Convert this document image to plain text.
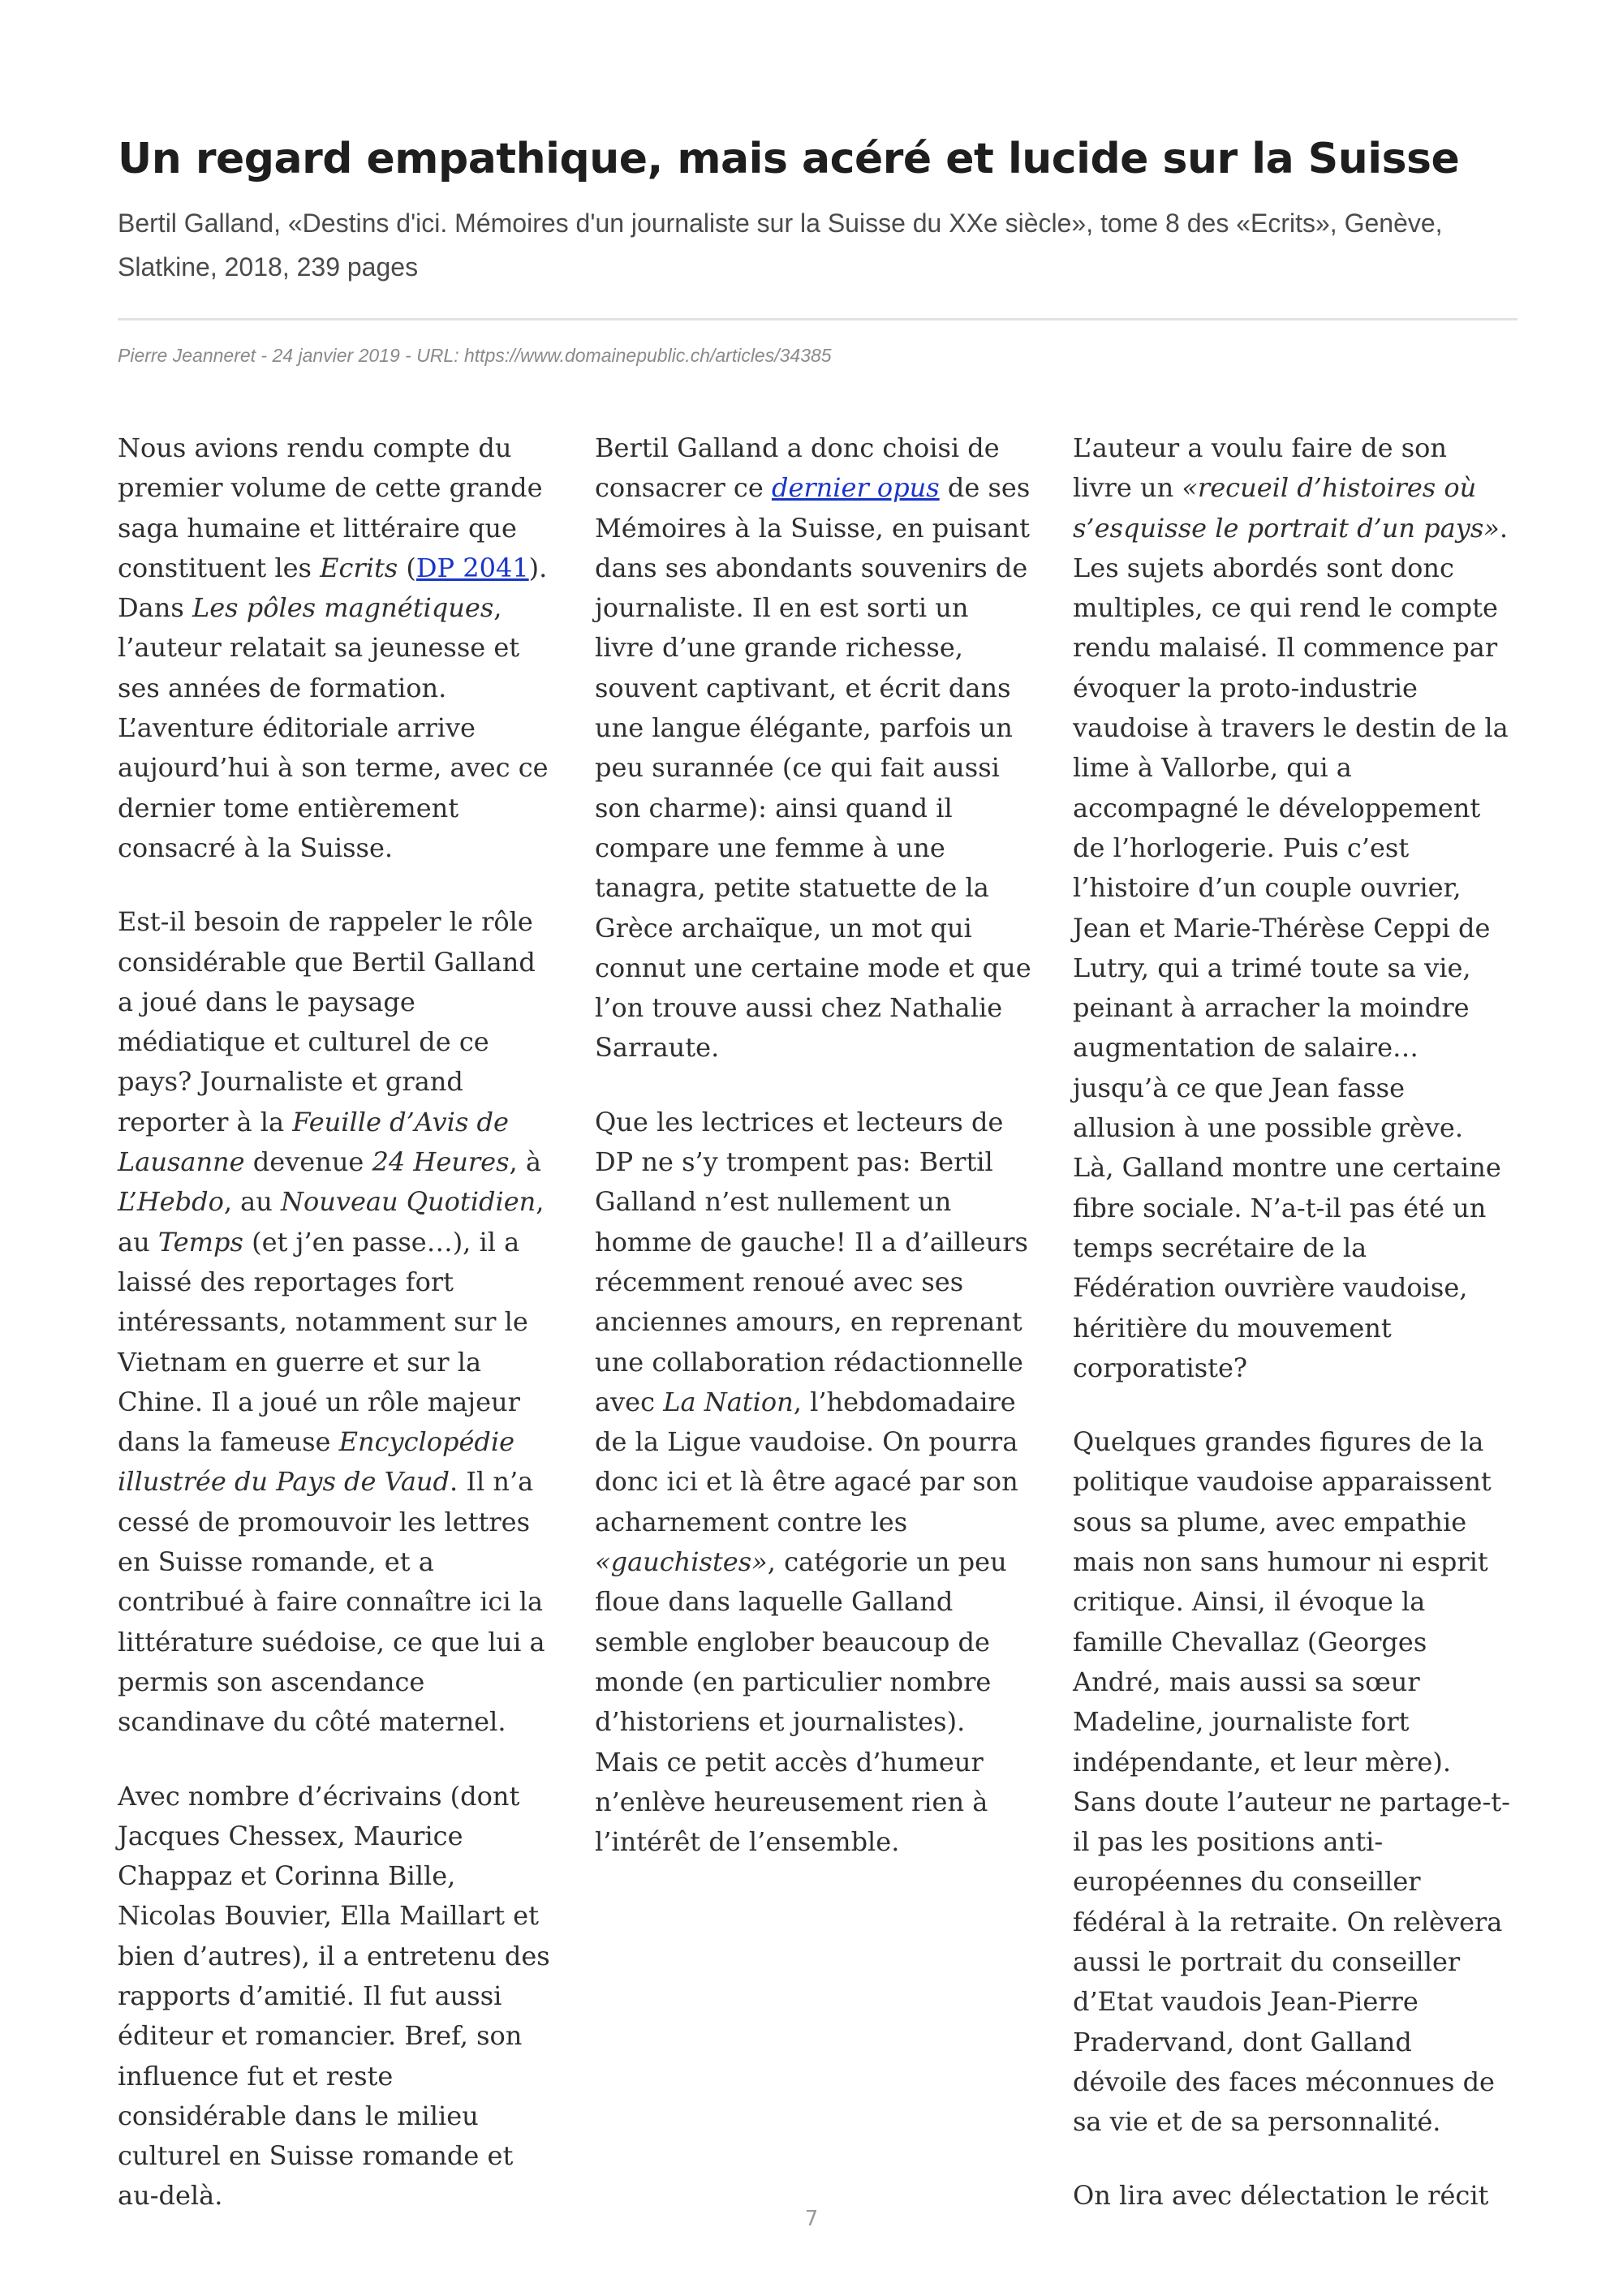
Un regard empathique, mais acéré et lucide sur la Suisse

Bertil Galland, «Destins d'ici. Mémoires d'un journaliste sur la Suisse du XXe siècle», tome 8 des «Ecrits», Genève, Slatkine, 2018, 239 pages

Pierre Jeanneret - 24 janvier 2019 - URL: https://www.domainepublic.ch/articles/34385

Nous avions rendu compte du premier volume de cette grande saga humaine et littéraire que constituent les Ecrits (DP 2041). Dans Les pôles magnétiques, l’auteur relatait sa jeunesse et ses années de formation. L’aventure éditoriale arrive aujourd’hui à son terme, avec ce dernier tome entièrement consacré à la Suisse.

Est-il besoin de rappeler le rôle considérable que Bertil Galland a joué dans le paysage médiatique et culturel de ce pays? Journaliste et grand reporter à la Feuille d’Avis de Lausanne devenue 24 Heures, à L’Hebdo, au Nouveau Quotidien, au Temps (et j’en passe…), il a laissé des reportages fort intéressants, notamment sur le Vietnam en guerre et sur la Chine. Il a joué un rôle majeur dans la fameuse Encyclopédie illustrée du Pays de Vaud. Il n’a cessé de promouvoir les lettres en Suisse romande, et a contribué à faire connaître ici la littérature suédoise, ce que lui a permis son ascendance scandinave du côté maternel.

Avec nombre d’écrivains (dont Jacques Chessex, Maurice Chappaz et Corinna Bille, Nicolas Bouvier, Ella Maillart et bien d’autres), il a entretenu des rapports d’amitié. Il fut aussi éditeur et romancier. Bref, son influence fut et reste considérable dans le milieu culturel en Suisse romande et au-delà.

Bertil Galland a donc choisi de consacrer ce dernier opus de ses Mémoires à la Suisse, en puisant dans ses abondants souvenirs de journaliste. Il en est sorti un livre d’une grande richesse, souvent captivant, et écrit dans une langue élégante, parfois un peu surannée (ce qui fait aussi son charme): ainsi quand il compare une femme à une tanagra, petite statuette de la Grèce archaïque, un mot qui connut une certaine mode et que l’on trouve aussi chez Nathalie Sarraute.

Que les lectrices et lecteurs de DP ne s’y trompent pas: Bertil Galland n’est nullement un homme de gauche! Il a d’ailleurs récemment renoué avec ses anciennes amours, en reprenant une collaboration rédactionnelle avec La Nation, l’hebdomadaire de la Ligue vaudoise. On pourra donc ici et là être agacé par son acharnement contre les «gauchistes», catégorie un peu floue dans laquelle Galland semble englober beaucoup de monde (en particulier nombre d’historiens et journalistes). Mais ce petit accès d’humeur n’enlève heureusement rien à l’intérêt de l’ensemble.

L’auteur a voulu faire de son livre un «recueil d’histoires où s’esquisse le portrait d’un pays». Les sujets abordés sont donc multiples, ce qui rend le compte rendu malaisé. Il commence par évoquer la proto-industrie vaudoise à travers le destin de la lime à Vallorbe, qui a accompagné le développement de l’horlogerie. Puis c’est l’histoire d’un couple ouvrier, Jean et Marie-Thérèse Ceppi de Lutry, qui a trimé toute sa vie, peinant à arracher la moindre augmentation de salaire… jusqu’à ce que Jean fasse allusion à une possible grève. Là, Galland montre une certaine fibre sociale. N’a-t-il pas été un temps secrétaire de la Fédération ouvrière vaudoise, héritière du mouvement corporatiste?

Quelques grandes figures de la politique vaudoise apparaissent sous sa plume, avec empathie mais non sans humour ni esprit critique. Ainsi, il évoque la famille Chevallaz (Georges André, mais aussi sa sœur Madeline, journaliste fort indépendante, et leur mère). Sans doute l’auteur ne partage-t-il pas les positions anti-européennes du conseiller fédéral à la retraite. On relèvera aussi le portrait du conseiller d’Etat vaudois Jean-Pierre Pradervand, dont Galland dévoile des faces méconnues de sa vie et de sa personnalité.

On lira avec délectation le récit

7
